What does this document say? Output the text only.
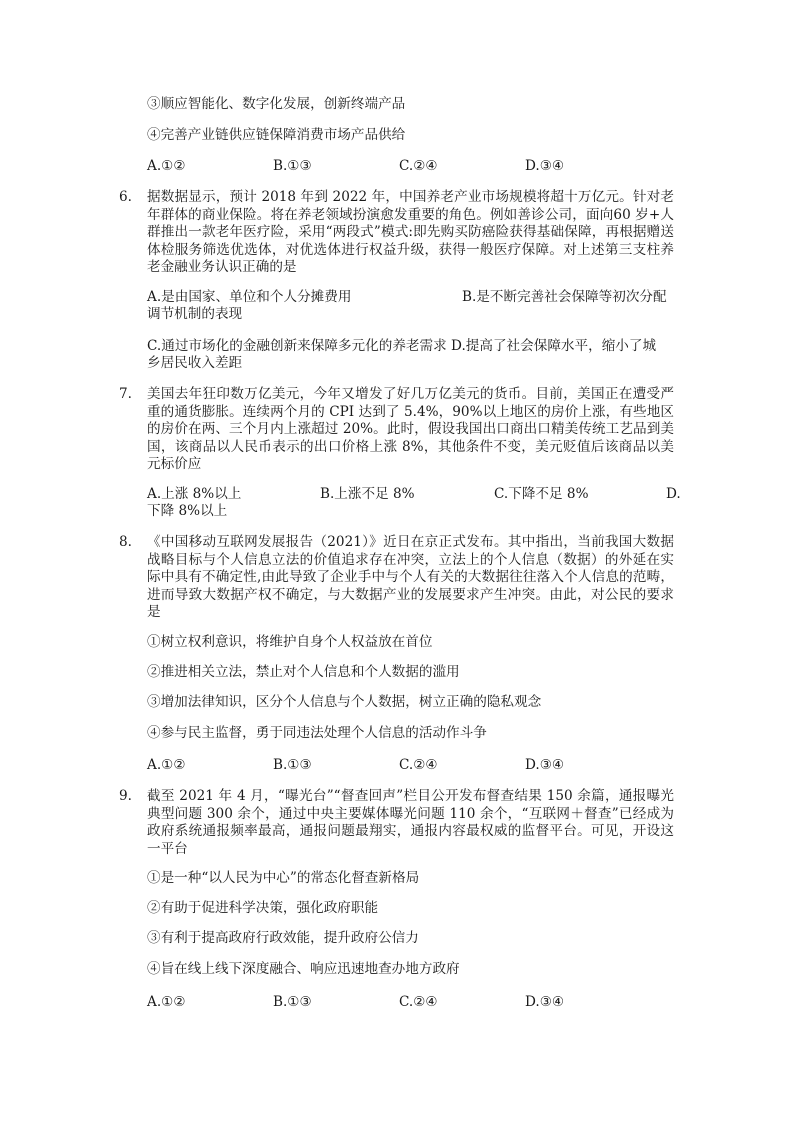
③顺应智能化、数字化发展，创新终端产品
④完善产业链供应链保障消费市场产品供给
A.①②	B.①③	C.②④	D.③④
6. 据数据显示，预计 2018 年到 2022 年，中国养老产业市场规模将超十万亿元。针对老年群体的商业保险。将在养老领域扮演愈发重要的角色。例如善诊公司，面向60 岁+人群推出一款老年医疗险，采用“两段式”模式:即先购买防癌险获得基础保障，再根据赠送体检服务筛选优选体，对优选体进行权益升级，获得一般医疗保障。对上述第三支柱养老金融业务认识正确的是
A.是由国家、单位和个人分摊费用	B.是不断完善社会保障等初次分配
调节机制的表现
C.通过市场化的金融创新来保障多元化的养老需求 D.提高了社会保障水平，缩小了城
乡居民收入差距
7. 美国去年狂印数万亿美元，今年又增发了好几万亿美元的货币。目前，美国正在遭受严重的通货膨胀。连续两个月的 CPI 达到了 5.4%，90%以上地区的房价上涨，有些地区的房价在两、三个月内上涨超过 20%。此时，假设我国出口商出口精美传统工艺品到美国，该商品以人民币表示的出口价格上涨 8%，其他条件不变，美元贬值后该商品以美元标价应
A.上涨 8%以上	B.上涨不足 8%	C.下降不足 8%	D.
下降 8%以上
8. 《中国移动互联网发展报告（2021）》近日在京正式发布。其中指出，当前我国大数据战略目标与个人信息立法的价值追求存在冲突，立法上的个人信息（数据）的外延在实际中具有不确定性,由此导致了企业手中与个人有关的大数据往往落入个人信息的范畴，进而导致大数据产权不确定，与大数据产业的发展要求产生冲突。由此，对公民的要求是
①树立权利意识，将维护自身个人权益放在首位
②推进相关立法，禁止对个人信息和个人数据的滥用
③增加法律知识，区分个人信息与个人数据，树立正确的隐私观念
④参与民主监督，勇于同违法处理个人信息的活动作斗争
A.①②	B.①③	C.②④	D.③④
9. 截至 2021 年 4 月，“曝光台”“督查回声”栏目公开发布督查结果 150 余篇，通报曝光典型问题 300 余个，通过中央主要媒体曝光问题 110 余个，“互联网＋督查”已经成为政府系统通报频率最高，通报问题最翔实，通报内容最权威的监督平台。可见，开设这一平台
①是一种“以人民为中心”的常态化督查新格局
②有助于促进科学决策，强化政府职能
③有利于提高政府行政效能，提升政府公信力
④旨在线上线下深度融合、响应迅速地查办地方政府
A.①②	B.①③	C.②④	D.③④
